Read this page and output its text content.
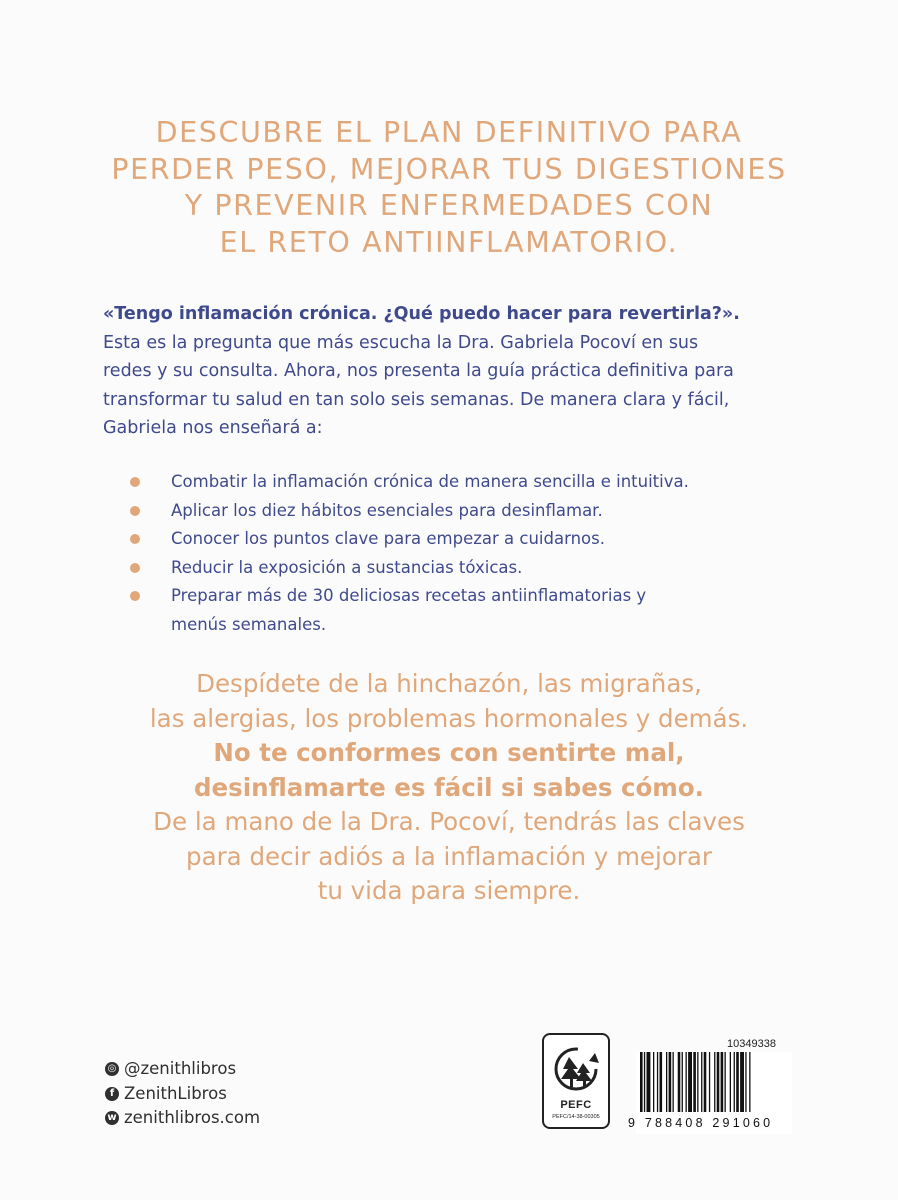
DESCUBRE EL PLAN DEFINITIVO PARA
PERDER PESO, MEJORAR TUS DIGESTIONES
Y PREVENIR ENFERMEDADES CON
EL RETO ANTIINFLAMATORIO.
«Tengo inflamación crónica. ¿Qué puedo hacer para revertirla?».
Esta es la pregunta que más escucha la Dra. Gabriela Pocoví en sus
redes y su consulta. Ahora, nos presenta la guía práctica definitiva para
transformar tu salud en tan solo seis semanas. De manera clara y fácil,
Gabriela nos enseñará a:
Combatir la inflamación crónica de manera sencilla e intuitiva.
Aplicar los diez hábitos esenciales para desinflamar.
Conocer los puntos clave para empezar a cuidarnos.
Reducir la exposición a sustancias tóxicas.
Preparar más de 30 deliciosas recetas antiinflamatorias y
menús semanales.
Despídete de la hinchazón, las migrañas,
las alergias, los problemas hormonales y demás.
No te conformes con sentirte mal,
desinflamarte es fácil si sabes cómo.
De la mano de la Dra. Pocoví, tendrás las claves
para decir adiós a la inflamación y mejorar
tu vida para siempre.
◎ @zenithlibros
f ZenithLibros
w zenithlibros.com
PEFC
PEFC/14-38-00305
10349338
9 788408 291060
